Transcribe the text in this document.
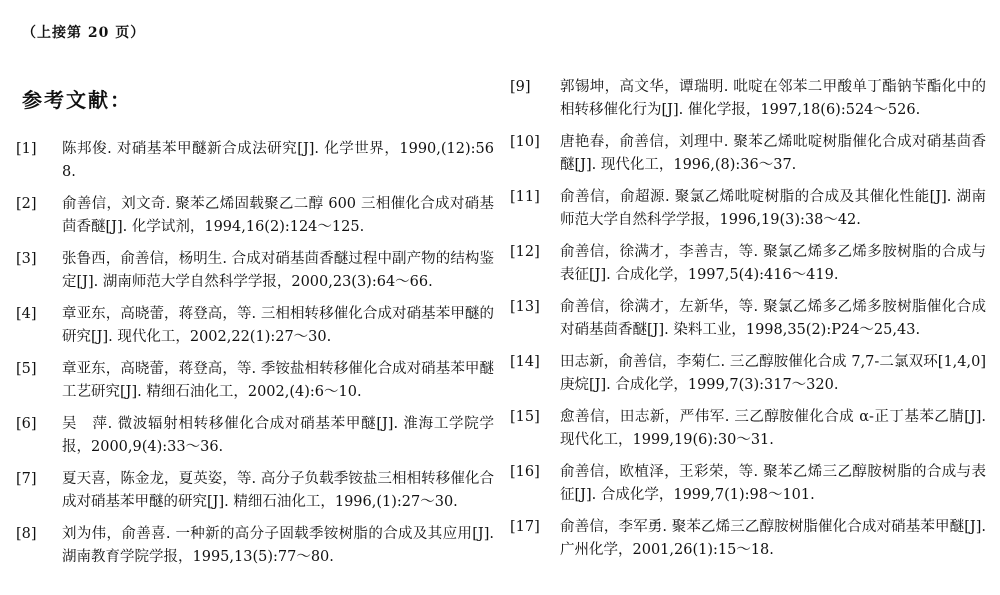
（上接第 20 页）
参考文献：
[1]	陈邦俊. 对硝基苯甲醚新合成法研究[J]. 化学世界，1990,(12):568.
[2]	俞善信，刘文奇. 聚苯乙烯固载聚乙二醇 600 三相催化合成对硝基茴香醚[J]. 化学试剂，1994,16(2):124～125.
[3]	张鲁西，俞善信，杨明生. 合成对硝基茴香醚过程中副产物的结构鉴定[J]. 湖南师范大学自然科学学报，2000,23(3):64～66.
[4]	章亚东，高晓蕾，蒋登高，等. 三相相转移催化合成对硝基苯甲醚的研究[J]. 现代化工，2002,22(1):27～30.
[5]	章亚东，高晓蕾，蒋登高，等. 季铵盐相转移催化合成对硝基苯甲醚工艺研究[J]. 精细石油化工，2002,(4):6～10.
[6]	吴　萍. 微波辐射相转移催化合成对硝基苯甲醚[J]. 淮海工学院学报，2000,9(4):33～36.
[7]	夏天喜，陈金龙，夏英姿，等. 高分子负载季铵盐三相相转移催化合成对硝基苯甲醚的研究[J]. 精细石油化工，1996,(1):27～30.
[8]	刘为伟，俞善喜. 一种新的高分子固载季铵树脂的合成及其应用[J]. 湖南教育学院学报，1995,13(5):77～80.
[9]	郭锡坤，高文华，谭瑞明. 吡啶在邻苯二甲酸单丁酯钠苄酯化中的相转移催化行为[J]. 催化学报，1997,18(6):524～526.
[10]	唐艳春，俞善信，刘理中. 聚苯乙烯吡啶树脂催化合成对硝基茴香醚[J]. 现代化工，1996,(8):36～37.
[11]	俞善信，俞超源. 聚氯乙烯吡啶树脂的合成及其催化性能[J]. 湖南师范大学自然科学学报，1996,19(3):38～42.
[12]	俞善信，徐满才，李善吉，等. 聚氯乙烯多乙烯多胺树脂的合成与表征[J]. 合成化学，1997,5(4):416～419.
[13]	俞善信，徐满才，左新华，等. 聚氯乙烯多乙烯多胺树脂催化合成对硝基茴香醚[J]. 染料工业，1998,35(2):P24～25,43.
[14]	田志新，俞善信，李菊仁. 三乙醇胺催化合成 7,7-二氯双环[1,4,0]庚烷[J]. 合成化学，1999,7(3):317～320.
[15]	愈善信，田志新，严伟军. 三乙醇胺催化合成 α-正丁基苯乙腈[J]. 现代化工，1999,19(6):30～31.
[16]	俞善信，欧植泽，王彩荣，等. 聚苯乙烯三乙醇胺树脂的合成与表征[J]. 合成化学，1999,7(1):98～101.
[17]	俞善信，李军勇. 聚苯乙烯三乙醇胺树脂催化合成对硝基苯甲醚[J]. 广州化学，2001,26(1):15～18.
